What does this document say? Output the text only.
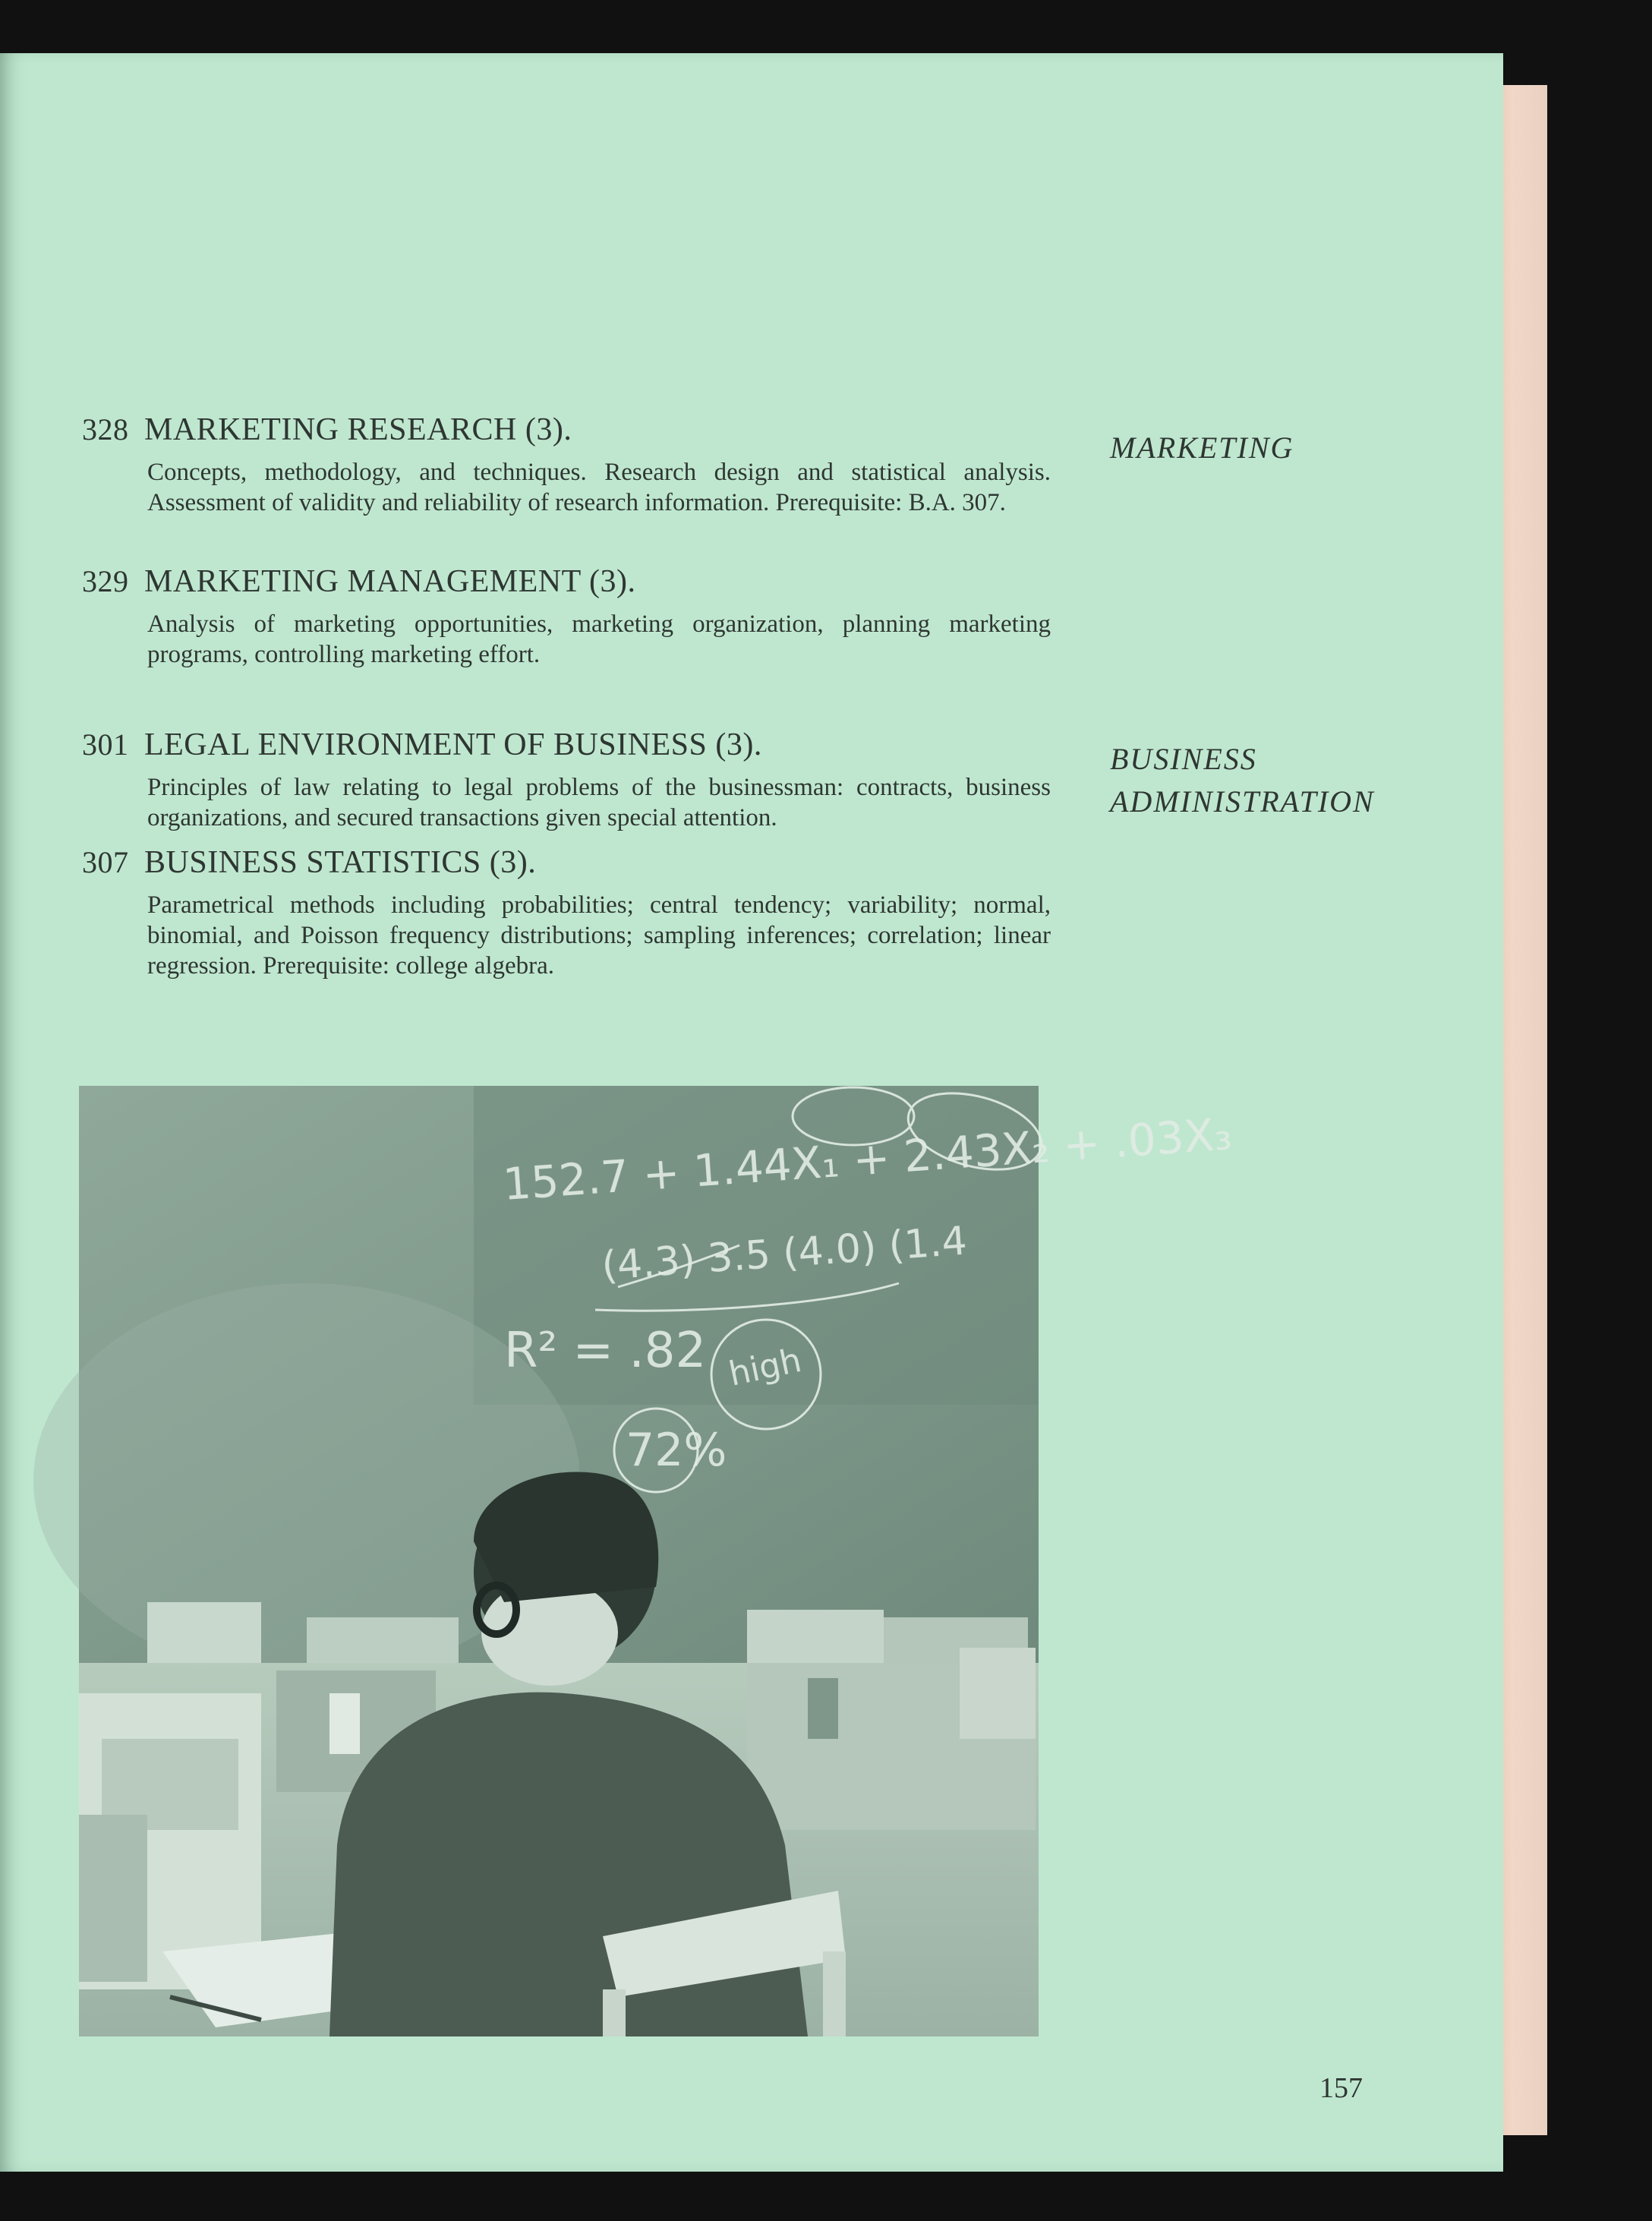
328 MARKETING RESEARCH (3).
Concepts, methodology, and techniques. Research design and statistical analysis. Assessment of validity and reliability of research information. Prerequisite: B.A. 307.
329 MARKETING MANAGEMENT (3).
Analysis of marketing opportunities, marketing organization, planning marketing programs, controlling marketing effort.
301 LEGAL ENVIRONMENT OF BUSINESS (3).
Principles of law relating to legal problems of the businessman: contracts, business organizations, and secured transactions given special attention.
307 BUSINESS STATISTICS (3).
Parametrical methods including probabilities; central tendency; variability; normal, binomial, and Poisson frequency distributions; sampling inferences; correlation; linear regression. Prerequisite: college algebra.
MARKETING
BUSINESS
ADMINISTRATION
152.7 + 1.44X₁ + 2.43X₂ + .03X₃
(4.3) 3.5 (4.0) (1.4
R² = .82 high
72%
157
